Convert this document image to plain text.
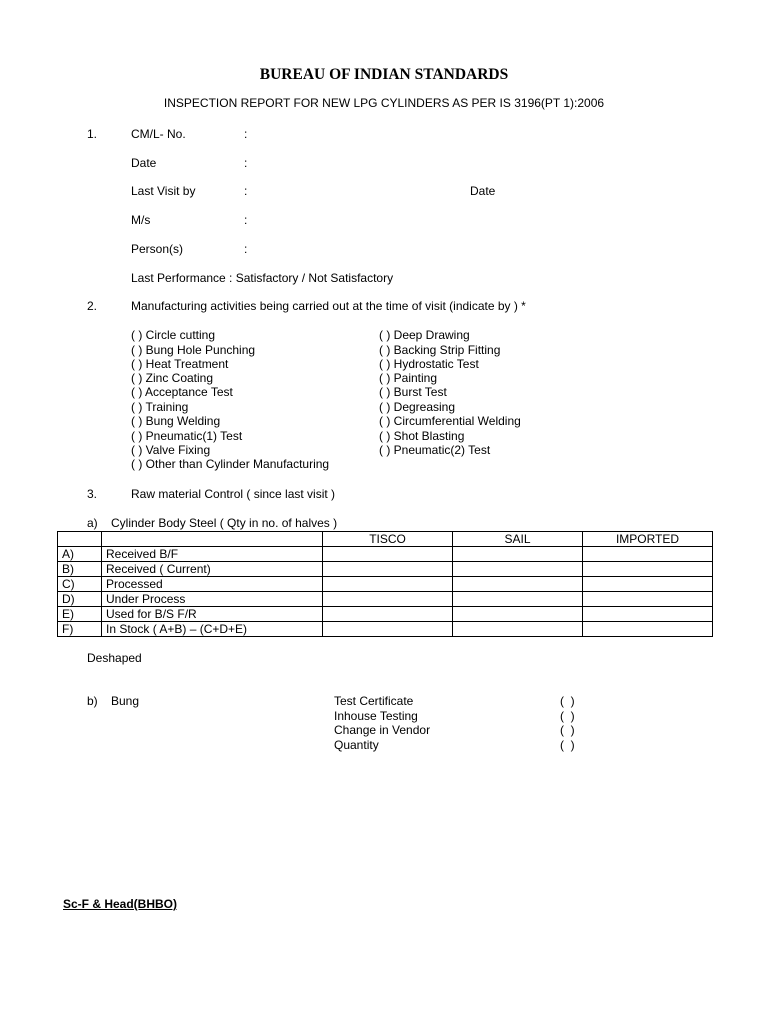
BUREAU OF INDIAN STANDARDS
INSPECTION REPORT FOR NEW LPG CYLINDERS AS PER IS 3196(PT 1):2006
1.	CM/L- No.	:
Date	:
Last Visit by	:	Date
M/s	:
Person(s)	:
Last Performance : Satisfactory / Not Satisfactory
2.	Manufacturing activities being carried out at the time of visit (indicate by ) *
( ) Circle cutting
( ) Bung Hole Punching
( ) Heat Treatment
( ) Zinc Coating
( ) Acceptance Test
( ) Training
( ) Bung Welding
( ) Pneumatic(1) Test
( ) Valve Fixing
( ) Other than Cylinder Manufacturing
( ) Deep Drawing
( ) Backing Strip Fitting
( ) Hydrostatic Test
( ) Painting
( ) Burst Test
( ) Degreasing
( ) Circumferential Welding
( ) Shot Blasting
( ) Pneumatic(2) Test
3.	Raw material Control ( since last visit )
a)    Cylinder Body Steel ( Qty in no. of halves )
		TISCO	SAIL	IMPORTED
A)	Received B/F			
B)	Received ( Current)			
C)	Processed			
D)	Under Process			
E)	Used for B/S F/R			
F)	In Stock ( A+B) – (C+D+E)			
Deshaped
b)    Bung	Test Certificate	(  )
Inhouse Testing	(  )
Change in Vendor	(  )
Quantity	(  )
Sc-F & Head(BHBO)
